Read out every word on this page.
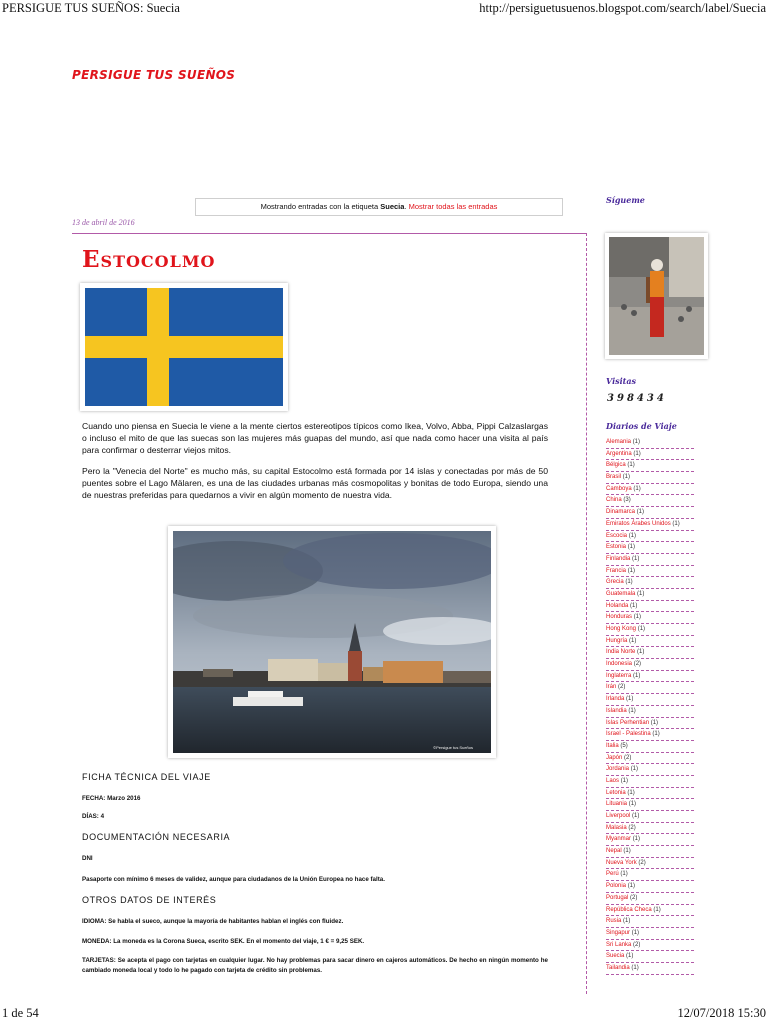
PERSIGUE TUS SUEÑOS: Suecia	http://persiguetusuenos.blogspot.com/search/label/Suecia
PERSIGUE TUS SUEÑOS
Mostrando entradas con la etiqueta Suecia. Mostrar todas las entradas
13 de abril de 2016
Estocolmo

Cuando uno piensa en Suecia le viene a la mente ciertos estereotipos típicos como Ikea, Volvo, Abba, Pippi Calzaslargas o incluso el mito de que las suecas son las mujeres más guapas del mundo, así que nada como hacer una visita al país para confirmar o desterrar viejos mitos.

Pero la "Venecia del Norte" es mucho más, su capital Estocolmo está formada por 14 islas y conectadas por más de 50 puentes sobre el Lago Mälaren, es una de las ciudades urbanas más cosmopolitas y bonitas de todo Europa, siendo una de nuestras preferidas para quedarnos a vivir en algún momento de nuestra vida.

©Persigue tus Sueños
FICHA TÉCNICA DEL VIAJE
FECHA: Marzo 2016
DÍAS: 4
DOCUMENTACIÓN NECESARIA
DNI
Pasaporte con mínimo 6 meses de validez, aunque para ciudadanos de la Unión Europea no hace falta.
OTROS DATOS DE INTERÉS
IDIOMA: Se habla el sueco, aunque la mayoría de habitantes hablan el inglés con fluidez.
MONEDA: La moneda es la Corona Sueca, escrito SEK. En el momento del viaje, 1 € = 9,25 SEK.
TARJETAS: Se acepta el pago con tarjetas en cualquier lugar. No hay problemas para sacar dinero en cajeros automáticos. De hecho en ningún momento he cambiado moneda local y todo lo he pagado con tarjeta de crédito sin problemas.
Sígueme
Visitas
3 9 8 4 3 4
Diarios de Viaje
Alemania (1)
Argentina (1)
Bélgica (1)
Brasil (1)
Camboya (1)
China (3)
Dinamarca (1)
Emiratos Árabes Unidos (1)
Escocia (1)
Estonia (1)
Finlandia (1)
Francia (1)
Grecia (1)
Guatemala (1)
Holanda (1)
Honduras (1)
Hong Kong (1)
Hungría (1)
India Norte (1)
Indonesia (2)
Inglaterra (1)
Irán (2)
Irlanda (1)
Islandia (1)
Islas Perhentian (1)
Israel - Palestina (1)
Italia (5)
Japón (2)
Jordania (1)
Laos (1)
Letonia (1)
Lituania (1)
Liverpool (1)
Malasia (2)
Myanmar (1)
Nepal (1)
Nueva York (2)
Perú (1)
Polonia (1)
Portugal (2)
República Checa (1)
Rusia (1)
Singapur (1)
Sri Lanka (2)
Suecia (1)
Tailandia (1)
1 de 54	12/07/2018 15:30
